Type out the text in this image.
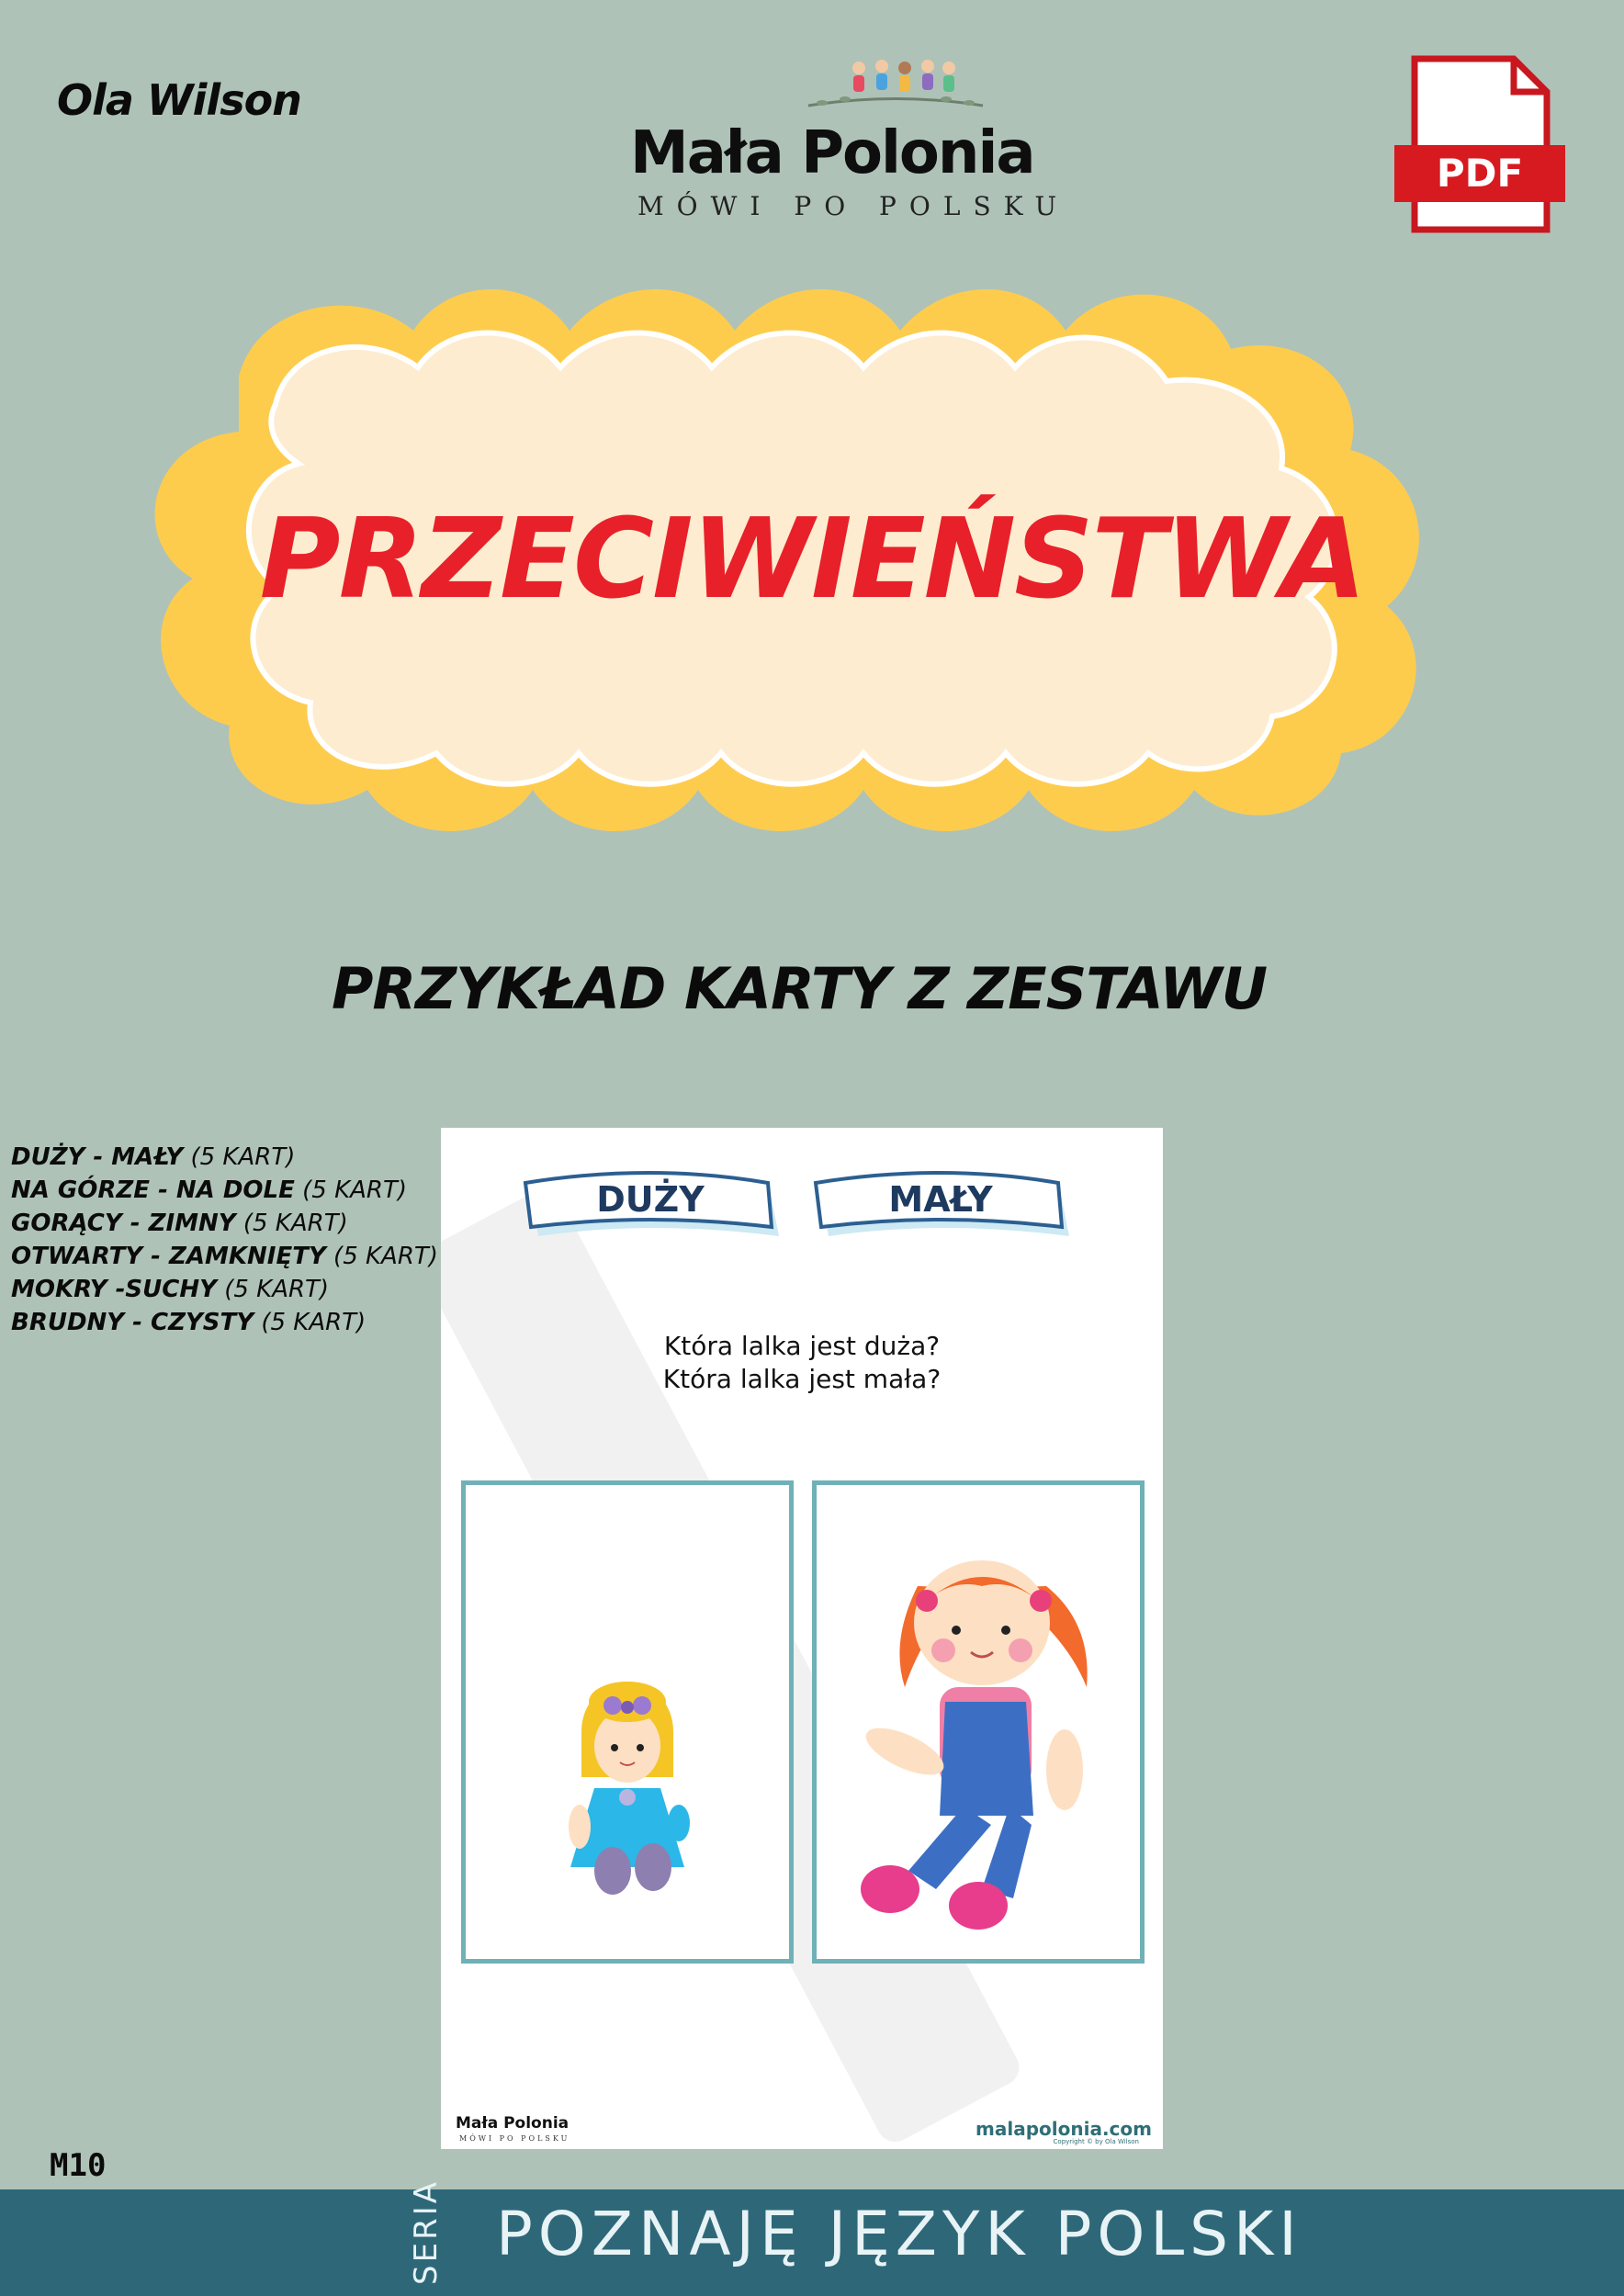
Ola Wilson
Mała Polonia
MÓWI PO POLSKU
PDF
PRZECIWIEŃSTWA
PRZYKŁAD KARTY Z ZESTAWU
DUŻY - MAŁY (5 KART)
NA GÓRZE - NA DOLE (5 KART)
GORĄCY - ZIMNY (5 KART)
OTWARTY - ZAMKNIĘTY (5 KART)
MOKRY -SUCHY (5 KART)
BRUDNY - CZYSTY (5 KART)
DUŻY	MAŁY
Która lalka jest duża?
Która lalka jest mała?
Mała Polonia
MÓWI PO POLSKU	malapolonia.com
Copyright © by Ola Wilson
M10
SERIA POZNAJĘ JĘZYK POLSKI
